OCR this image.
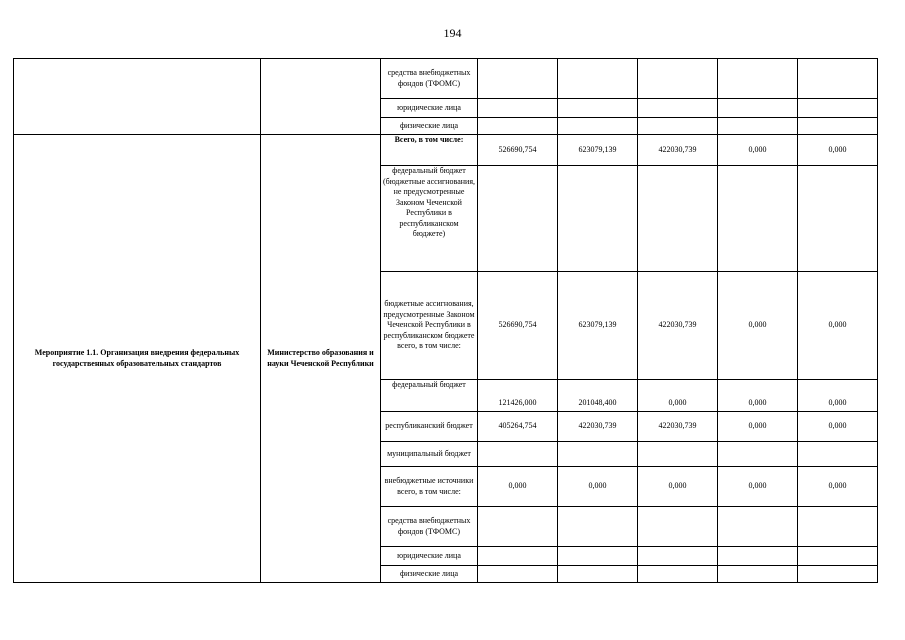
194
		средства внебюджетных фондов (ТФОМС)					
		юридические лица					
		физические лица					
Мероприятие 1.1. Организация внедрения федеральных государственных образовательных стандартов	Министерство образования и науки Чеченской Республики	Всего, в том числе:	526690,754	623079,139	422030,739	0,000	0,000
		федеральный бюджет (бюджетные ассигнования, не предусмотренные Законом Чеченской Республики в республиканском бюджете)					
		бюджетные ассигнования, предусмотренные Законом Чеченской Республики в республиканском бюджете всего, в том числе:	526690,754	623079,139	422030,739	0,000	0,000
		федеральный бюджет	121426,000	201048,400	0,000	0,000	0,000
		республиканский бюджет	405264,754	422030,739	422030,739	0,000	0,000
		муниципальный бюджет					
		внебюджетные источники всего, в том числе:	0,000	0,000	0,000	0,000	0,000
		средства внебюджетных фондов (ТФОМС)					
		юридические лица					
		физические лица					
